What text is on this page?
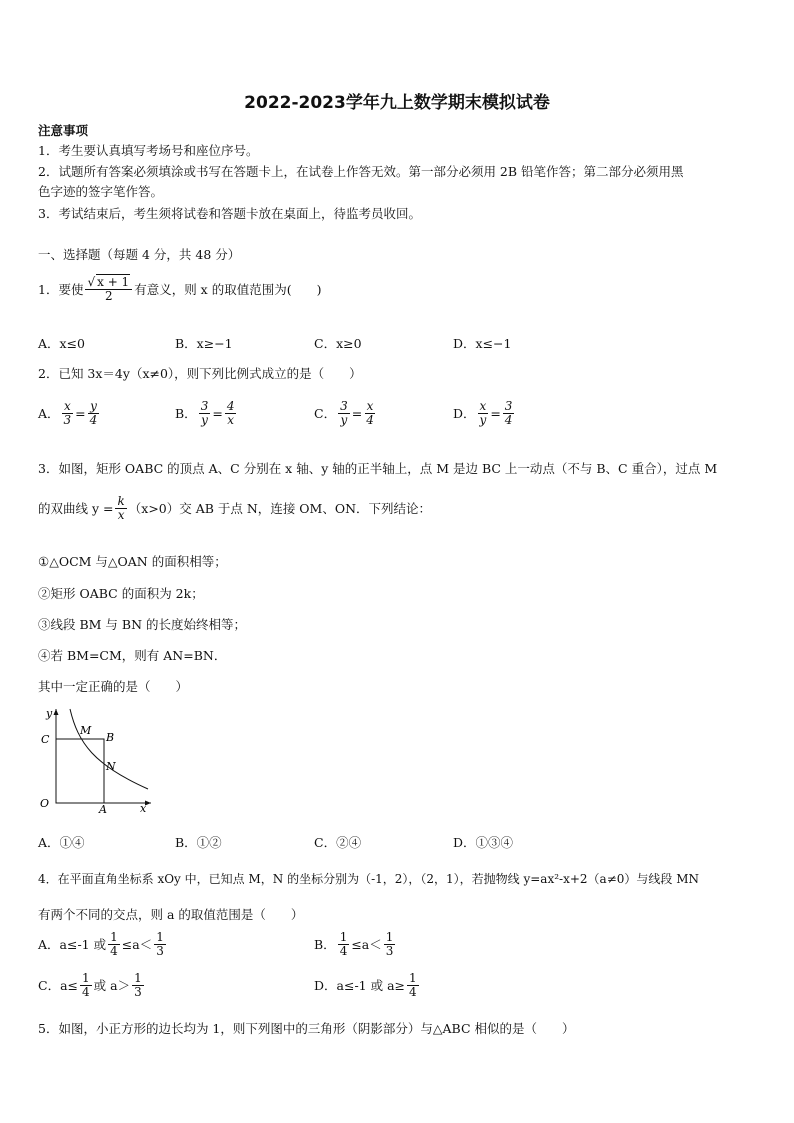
2022-2023学年九上数学期末模拟试卷
注意事项
1．考生要认真填写考场号和座位序号。
2．试题所有答案必须填涂或书写在答题卡上，在试卷上作答无效。第一部分必须用 2B 铅笔作答；第二部分必须用黑
色字迹的签字笔作答。
3．考试结束后，考生须将试卷和答题卡放在桌面上，待监考员收回。
一、选择题（每题 4 分，共 48 分）
1．要使 $\frac{√ x + 1}{2}$ 有意义，则 x 的取值范围为(　　)
A．x≤0	B．x≥−1	C．x≥0	D．x≤−1
2．已知 3x＝4y（x≠0），则下列比例式成立的是（　　）
A． $\frac{x}{3} = \frac{y}{4}$	B． $\frac{3}{y} = \frac{4}{x}$	C． $\frac{3}{y} = \frac{x}{4}$	D． $\frac{x}{y} = \frac{3}{4}$
3．如图，矩形 OABC 的顶点 A、C 分别在 x 轴、y 轴的正半轴上，点 M 是边 BC 上一动点（不与 B、C 重合），过点 M
的双曲线 $y = \frac{k}{x} (x>0)$交 AB 于点 N，连接 OM、ON．下列结论：
①△OCM 与△OAN 的面积相等；
②矩形 OABC 的面积为 2k；
③线段 BM 与 BN 的长度始终相等；
④若 BM=CM，则有 AN=BN．
其中一定正确的是（　　）
y
x
O	A
B
C
M
N
A．①④	B．①②	C．②④	D．①③④
4．在平面直角坐标系 xOy 中，已知点 M，N 的坐标分别为（-1，2），（2，1），若抛物线 y=ax²-x+2（a≠0）与线段 MN
有两个不同的交点，则 a 的取值范围是（　　）
A．a≤-1 或 $\frac{1}{4} \le a< \frac{1}{3}$	B． $\frac{1}{4} \le a< \frac{1}{3}$
C．$a\le \frac{1}{4}$ 或 $a> \frac{1}{3}$	D．a≤-1 或 $a\ge \frac{1}{4}$
5．如图，小正方形的边长均为 1，则下列图中的三角形（阴影部分）与△ABC 相似的是（　　）
